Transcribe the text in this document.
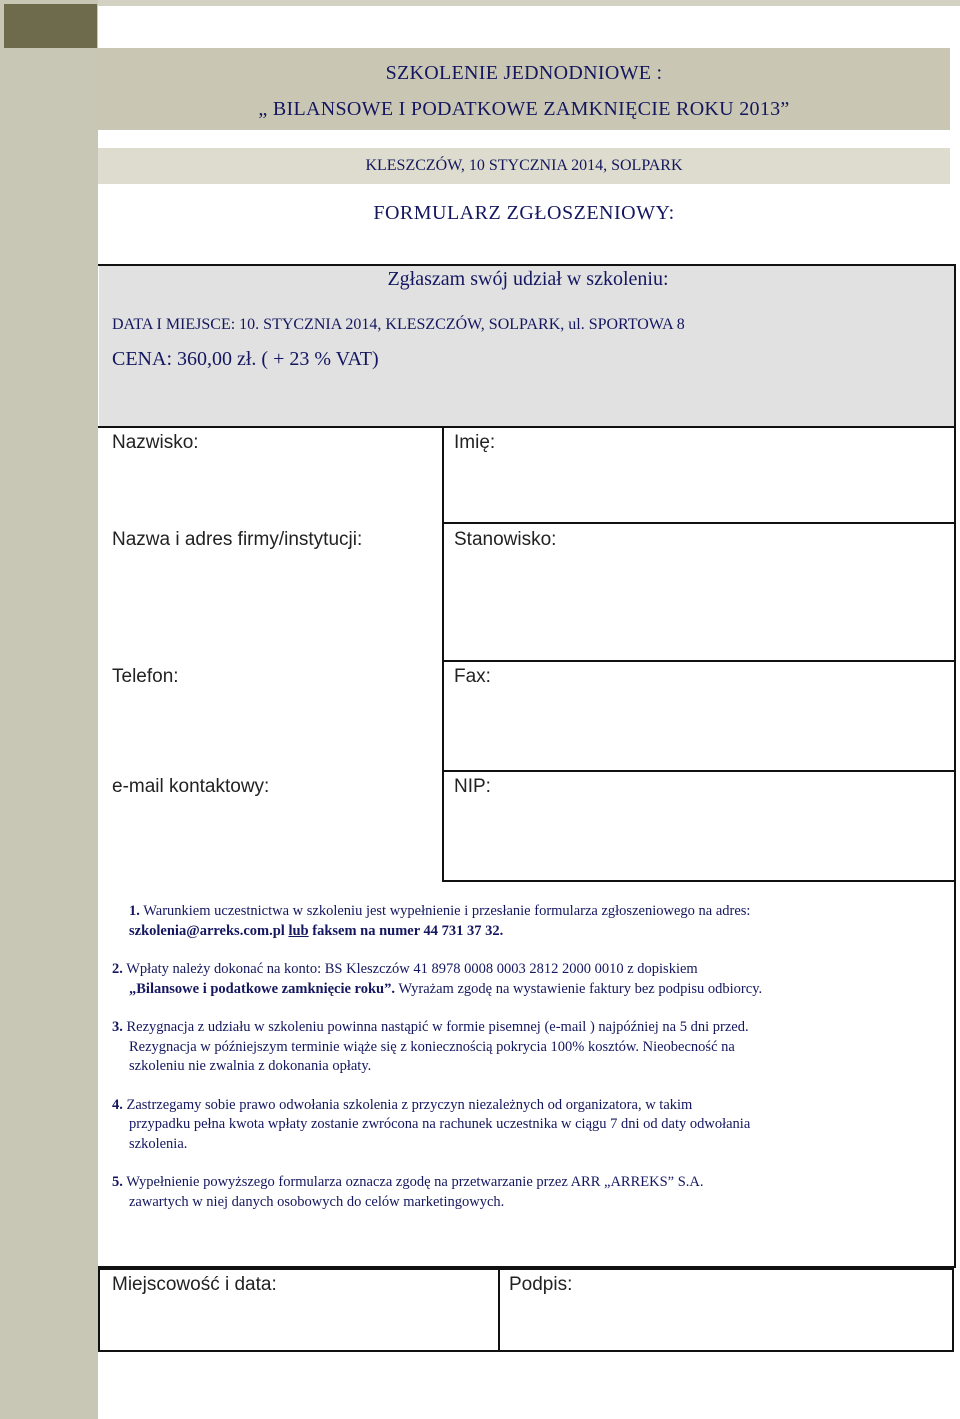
SZKOLENIE JEDNODNIOWE :
„ BILANSOWE I PODATKOWE ZAMKNIĘCIE ROKU 2013”
KLESZCZÓW, 10 STYCZNIA 2014, SOLPARK
FORMULARZ ZGŁOSZENIOWY:
Zgłaszam swój udział w szkoleniu:
DATA I MIEJSCE: 10. STYCZNIA 2014, KLESZCZÓW, SOLPARK, ul. SPORTOWA 8
CENA: 360,00 zł. ( + 23 % VAT)
Nazwisko:	Imię:
Nazwa i adres firmy/instytucji:	Stanowisko:
Telefon:	Fax:
e-mail kontaktowy:	NIP:
1. Warunkiem uczestnictwa w szkoleniu jest wypełnienie i przesłanie formularza zgłoszeniowego na adres:
szkolenia@arreks.com.pl lub faksem na numer 44 731 37 32.
2. Wpłaty należy dokonać na konto: BS Kleszczów 41 8978 0008 0003 2812 2000 0010 z dopiskiem
„Bilansowe i podatkowe zamknięcie roku”. Wyrażam zgodę na wystawienie faktury bez podpisu odbiorcy.
3. Rezygnacja z udziału w szkoleniu powinna nastąpić w formie pisemnej (e-mail ) najpóźniej na 5 dni przed.
Rezygnacja w późniejszym terminie wiąże się z koniecznością pokrycia 100% kosztów. Nieobecność na
szkoleniu nie zwalnia z dokonania opłaty.
4. Zastrzegamy sobie prawo odwołania szkolenia z przyczyn niezależnych od organizatora, w takim
przypadku pełna kwota wpłaty zostanie zwrócona na rachunek uczestnika w ciągu 7 dni od daty odwołania
szkolenia.
5. Wypełnienie powyższego formularza oznacza zgodę na przetwarzanie przez ARR „ARREKS” S.A.
zawartych w niej danych osobowych do celów marketingowych.
Miejscowość i data:	Podpis:
